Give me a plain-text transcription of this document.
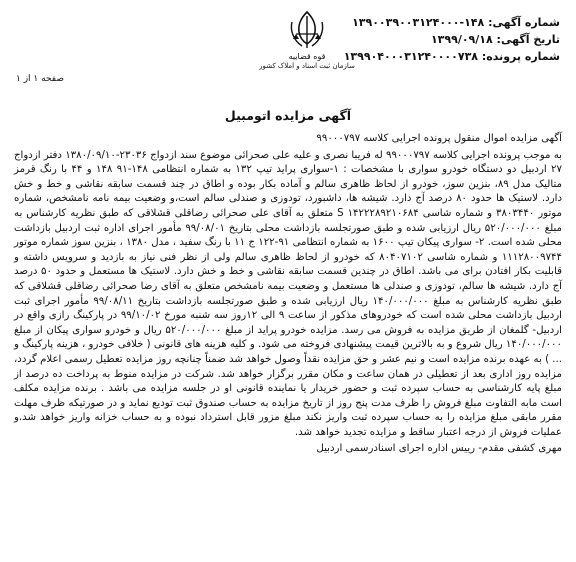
شماره آگهی: ۱۴۸-۱۳۹۰۰۳۹۰۰۳۱۲۴۰۰۰
تاریخ آگهی: ۱۳۹۹/۰۹/۱۸
شماره پرونده: ۱۳۹۹۰۴۰۰۰۳۱۲۴۰۰۰۰۷۳۸
قوه قضاییه
سازمان ثبت اسناد و املاک کشور
صفحه ۱ از ۱
آگهی مزایده اتومبیل

آگهی مزایده اموال منقول پرونده اجرایی کلاسه ۹۹۰۰۰۷۹۷

به موجب پرونده اجرایی کلاسه ۹۹۰۰۰۷۹۷ له فریبا نصری و علیه علی صحرائی موضوع سند ازدواج ۲۳۰۳۶-۱۳۸۰/۰۹/۱۰ دفتر ازدواج ۲۷ اردبیل دو دستگاه خودرو سواری با مشخصات : ۱-سواری پراید تیپ ۱۳۲ به شماره انتظامی ۱۴۸-۹۱ ۱۴۸ و ۴۴ با رنگ قرمز متالیک مدل ۸۹، بنزین سوز، خودرو از لحاظ ظاهری سالم و آماده بکار بوده و اطاق در چند قسمت سابقه نقاشی و خط و خش دارد. لاستیک ها حدود ۸۰ درصد آج دارد. شیشه ها، داشبورد، تودوزی و صندلی سالم است،و وضعیت بیمه نامه نامشخص، شماره موتور ۳۸۰۳۴۴۰ و شماره شاسی S ۱۴۲۲۲۸۹۲۱۰۶۸۴ متعلق به آقای علی صحرائی رضاقلی قشلاقی که طبق نظریه کارشناس به مبلغ ۵۲۰/۰۰۰/۰۰۰ ریال ارزیابی شده و طبق صورتجلسه بازداشت محلی بتاریخ ۹۹/۰۸/۰۱ مأمور اجرای اداره ثبت اردبیل بازداشت محلی شده است. ۲- سواری پیکان تیپ ۱۶۰۰ به شماره انتظامی ۹۱-۱۲۲ ج ۱۱ با رنگ سفید ، مدل ۱۳۸۰ ، بنزین سوز شماره موتور ۱۱۱۲۸۰۰۹۷۴۴ و شماره شاسی ۸۰۴۰۷۱۰۲ که خودرو از لحاظ ظاهری سالم ولی از نظر فنی نیاز به بازدید و سرویس داشته و قابلیت بکار افتادن برای می باشد. اطاق در چندین قسمت سابقه نقاشی و خط و خش دارد. لاستیک ها مستعمل و حدود ۵۰ درصد آج دارد. شیشه ها سالم، تودوزی و صندلی ها مستعمل و وضعیت بیمه نامشخص متعلق به آقای رضا صحرائی رضاقلی قشلاقی که طبق نظریه کارشناس به مبلغ ۱۴۰/۰۰۰/۰۰۰ ریال ارزیابی شده و طبق صورتجلسه بازداشت بتاریخ ۹۹/۰۸/۱۱ مأمور اجرای ثبت اردبیل بازداشت محلی شده است که خودروهای مذکور از ساعت ۹ الی ۱۲روز سه شنبه مورخ ۹۹/۱۰/۰۲ در پارکینگ رازی واقع در اردبیل- گلمغان از طریق مزایده به فروش می رسد. مزایده خودرو پراید از مبلغ ۵۲۰/۰۰۰/۰۰۰ ریال و خودرو سواری پیکان از مبلغ ۱۴۰/۰۰۰/۰۰۰ ریال شروع و به بالاترین قیمت پیشنهادی فروخته می شود. و کلیه هزینه های قانونی ( خلافی خودرو ، هزینه پارکینگ و ... ) به عهده برنده مزایده است و نیم عشر و حق مزایده نقداً وصول خواهد شد ضمناً چنانچه روز مزایده تعطیل رسمی اعلام گردد، مزایده روز اداری بعد از تعطیلی در همان ساعت و مکان مقرر برگزار خواهد شد. شرکت در مزایده منوط به پرداخت ده درصد از مبلغ پایه کارشناسی به حساب سپرده ثبت و حضور خریدار یا نماینده قانونی او در جلسه مزایده می باشد . برنده مزایده مکلف است مابه التفاوت مبلغ فروش را ظرف مدت پنج روز از تاریخ مزایده به حساب صندوق ثبت تودیع نماید و در صورتیکه ظرف مهلت مقرر مابقی مبلغ مزایده را به حساب سپرده ثبت واریز نکند مبلغ مزور قابل استرداد نبوده و به حساب خزانه واریز خواهد شد.و عملیات فروش از درجه اعتبار ساقط و مزایده تجدید خواهد شد.

مهری کشفی مقدم- رییس اداره اجرای اسنادرسمی اردبیل
